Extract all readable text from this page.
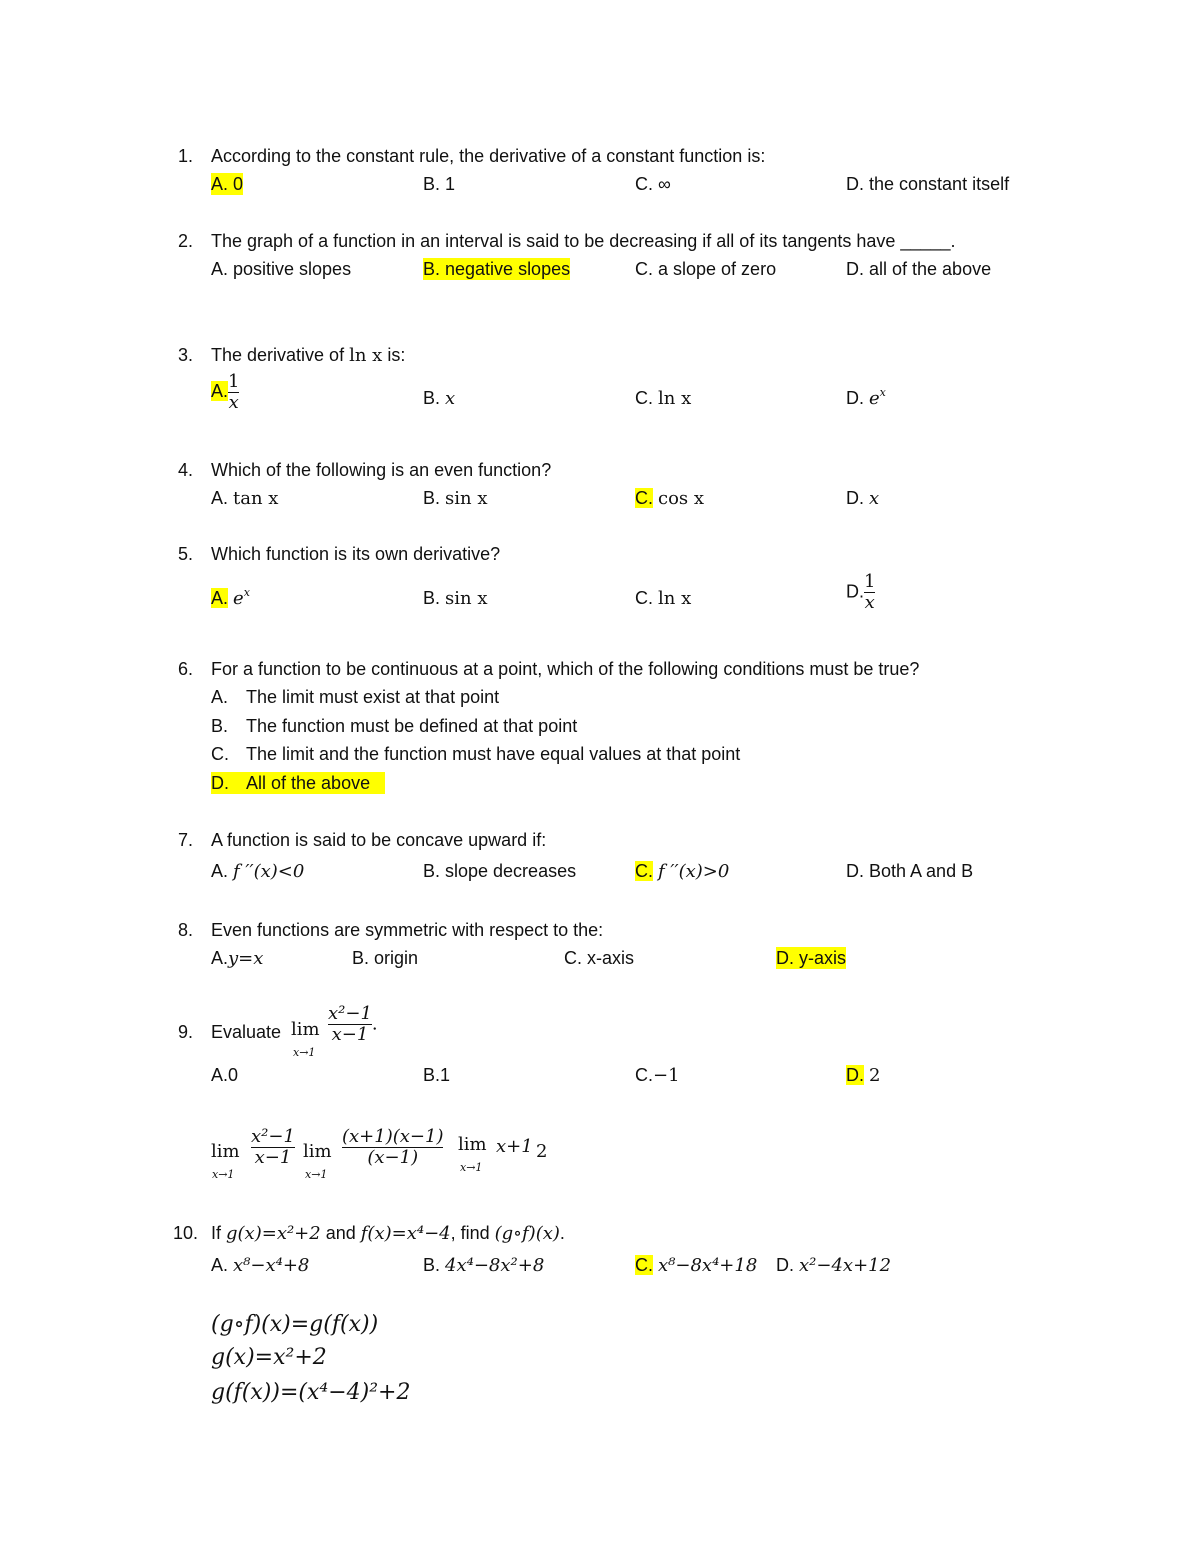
1. According to the constant rule, the derivative of a constant function is:
A. 0	B. 1	C. ∞	D. the constant itself
2. The graph of a function in an interval is said to be decreasing if all of its tangents have _____.
A. positive slopes	B. negative slopes	C. a slope of zero	D. all of the above
3. The derivative of ln x is:
A. $\frac{1}{x}$	B. x	C. ln x	D. $e^x$
4. Which of the following is an even function?
A. tan x	B. sin x	C. cos x	D. x
5. Which function is its own derivative?
A. $e^x$	B. sin x	C. ln x	D. $\frac{1}{x}$
6. For a function to be continuous at a point, which of the following conditions must be true?
A. The limit must exist at that point
B. The function must be defined at that point
C. The limit and the function must have equal values at that point
D. All of the above
7. A function is said to be concave upward if:
A. f ′′(x)<0	B. slope decreases	C. f ′′(x)>0	D. Both A and B
8. Even functions are symmetric with respect to the:
A.y=x	B. origin	C. x-axis	D. y-axis
9. Evaluate lim
x→1
$\frac{\text{x²−1}}{x-1}$ .
A.0	B.1	C.−1	D. 2
lim
x→1
$\frac{\text{x²−1}}{x-1}$ lim
x→1
$\frac{(x+1)(x-1)}{(x-1)}$ lim
x→1
x+1 2
10. If g(x)=x²+2 and f(x)=x⁴−4, find (g∘f)(x).
A. x⁸−x⁴+8	B. 4x⁴−8x²+8	C. x⁸−8x⁴+18 D. x²−4x+12
(g∘f)(x)=g(f(x))
g(x)=x²+2
g(f(x))=(x⁴−4)²+2
